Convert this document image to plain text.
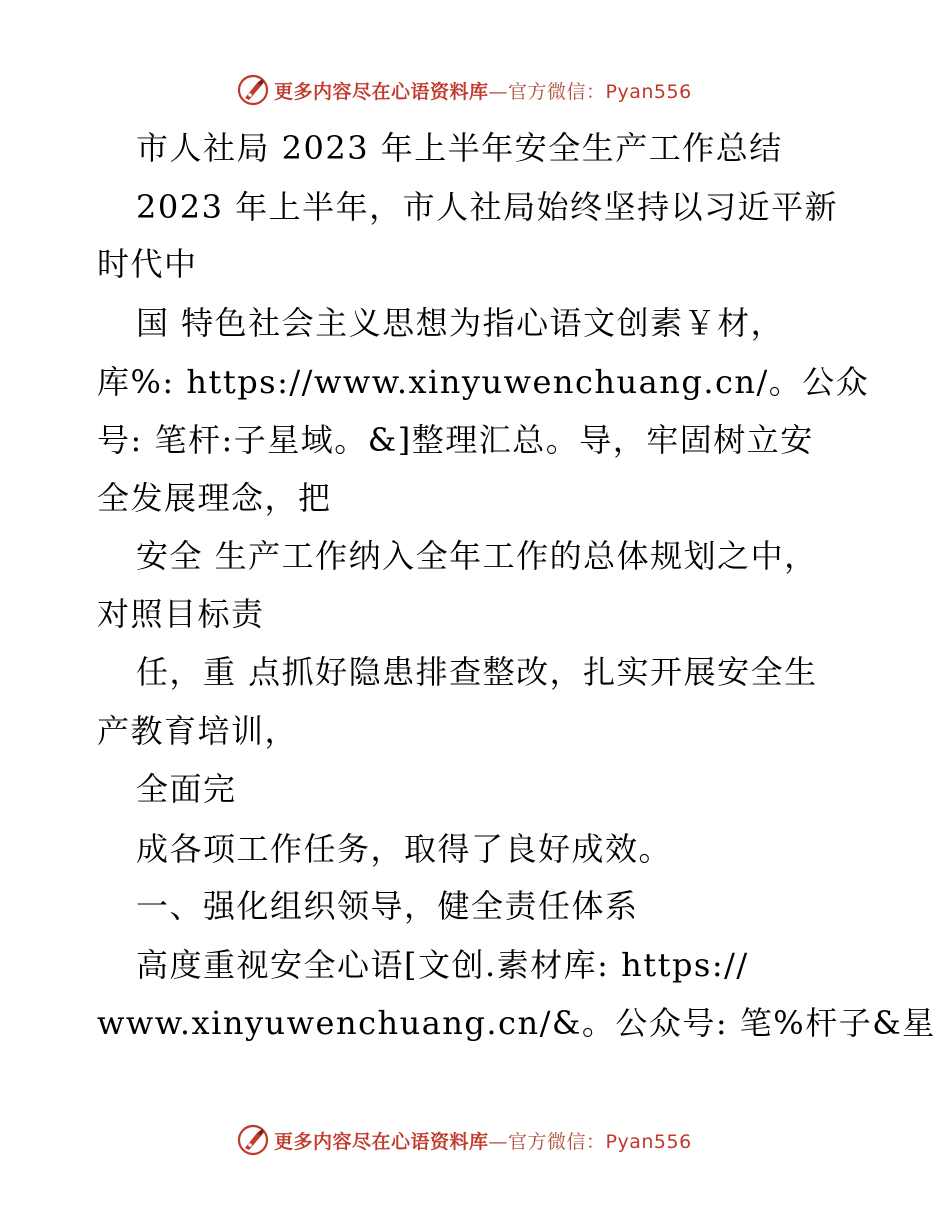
更多内容尽在心语资料库—官方微信：Pyan556
市人社局 2023 年上半年安全生产工作总结
2023 年上半年，市人社局始终坚持以习近平新
时代中
国 特色社会主义思想为指心语文创素￥材，
库%: https://www.xinyuwenchuang.cn/。公众
号: 笔杆:子星域。&]整理汇总。导，牢固树立安
全发展理念，把
安全 生产工作纳入全年工作的总体规划之中，
对照目标责
任，重 点抓好隐患排查整改，扎实开展安全生
产教育培训，
全面完
成各项工作任务，取得了良好成效。
一、强化组织领导，健全责任体系
高度重视安全心语[文创.素材库: https://
www.xinyuwenchuang.cn/&。公众号: 笔%杆子&星
更多内容尽在心语资料库—官方微信：Pyan556
